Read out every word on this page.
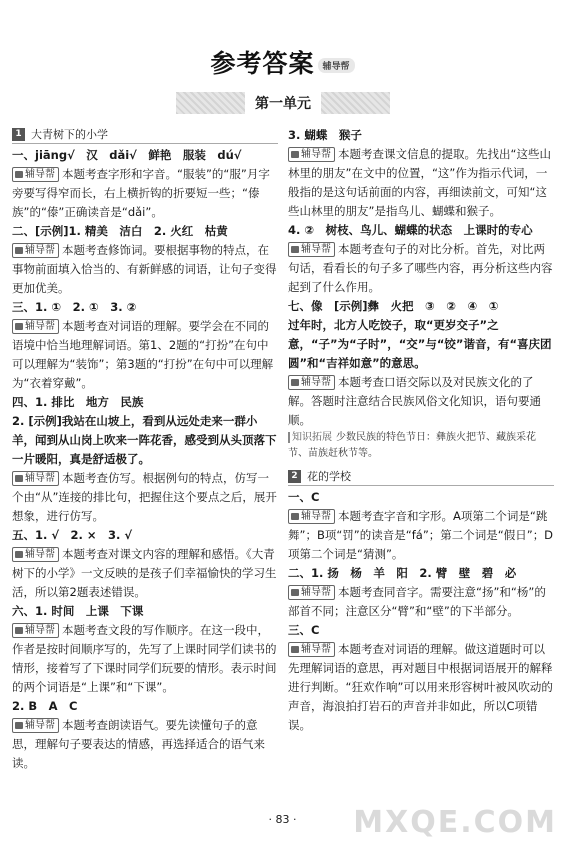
参考答案 辅导帮
第一单元
1 大青树下的小学
一、jiāng√　汉　dǎi√　鲜艳　服装　dú√
辅导帮 本题考查字形和字音。“服装”的“服”月字旁要写得窄而长，右上横折钩的折要短一些；“傣族”的“傣”正确读音是“dǎi”。
二、[示例]1. 精美　洁白　2. 火红　枯黄
辅导帮 本题考查修饰词。要根据事物的特点，在事物前面填入恰当的、有新鲜感的词语，让句子变得更加优美。
三、1. ①　2. ①　3. ②
辅导帮 本题考查对词语的理解。要学会在不同的语境中恰当地理解词语。第1、2题的“打扮”在句中可以理解为“装饰”；第3题的“打扮”在句中可以理解为“衣着穿戴”。
四、1. 排比　地方　民族
2. [示例]我站在山坡上，看到从远处走来一群小羊，闻到从山岗上吹来一阵花香，感受到从头顶落下一片暖阳，真是舒适极了。
辅导帮 本题考查仿写。根据例句的特点，仿写一个由“从”连接的排比句，把握住这个要点之后，展开想象，进行仿写。
五、1. √　2. ×　3. √
辅导帮 本题考查对课文内容的理解和感悟。《大青树下的小学》一文反映的是孩子们幸福愉快的学习生活，所以第2题表述错误。
六、1. 时间　上课　下课
辅导帮 本题考查文段的写作顺序。在这一段中，作者是按时间顺序写的，先写了上课时同学们读书的情形，接着写了下课时同学们玩要的情形。表示时间的两个词语是“上课”和“下课”。
2. B　A　C
辅导帮 本题考查朗读语气。要先读懂句子的意思，理解句子要表达的情感，再选择适合的语气来读。
3. 蝴蝶　猴子
辅导帮 本题考查课文信息的提取。先找出“这些山林里的朋友”在文中的位置，“这”作为指示代词，一般指的是这句话前面的内容，再细读前文，可知“这些山林里的朋友”是指鸟儿、蝴蝶和猴子。
4. ②　树枝、鸟儿、蝴蝶的状态　上课时的专心
辅导帮 本题考查句子的对比分析。首先，对比两句话，看看长的句子多了哪些内容，再分析这些内容起到了什么作用。
七、像　[示例]彝　火把　③　②　④　①
过年时，北方人吃饺子，取“更岁交子”之意，“子”为“子时”，“交”与“饺”谐音，有“喜庆团圆”和“吉祥如意”的意思。
辅导帮 本题考查口语交际以及对民族文化的了解。答题时注意结合民族风俗文化知识，语句要通顺。
知识拓展 少数民族的特色节日：彝族火把节、藏族采花节、苗族赶秋节等。
2 花的学校
一、C
辅导帮 本题考查字音和字形。A项第二个词是“跳舞”；B项“罚”的读音是“fá”；第二个词是“假日”；D项第二个词是“猜测”。
二、1. 扬　杨　羊　阳　2. 臂　壁　碧　必
辅导帮 本题考查同音字。需要注意“扬”和“杨”的部首不同；注意区分“臂”和“壁”的下半部分。
三、C
辅导帮 本题考查对词语的理解。做这道题时可以先理解词语的意思，再对题目中根据词语展开的解释进行判断。“狂欢作响”可以用来形容树叶被风吹动的声音，海浪拍打岩石的声音并非如此，所以C项错误。
· 83 ·	MXQE.COM
